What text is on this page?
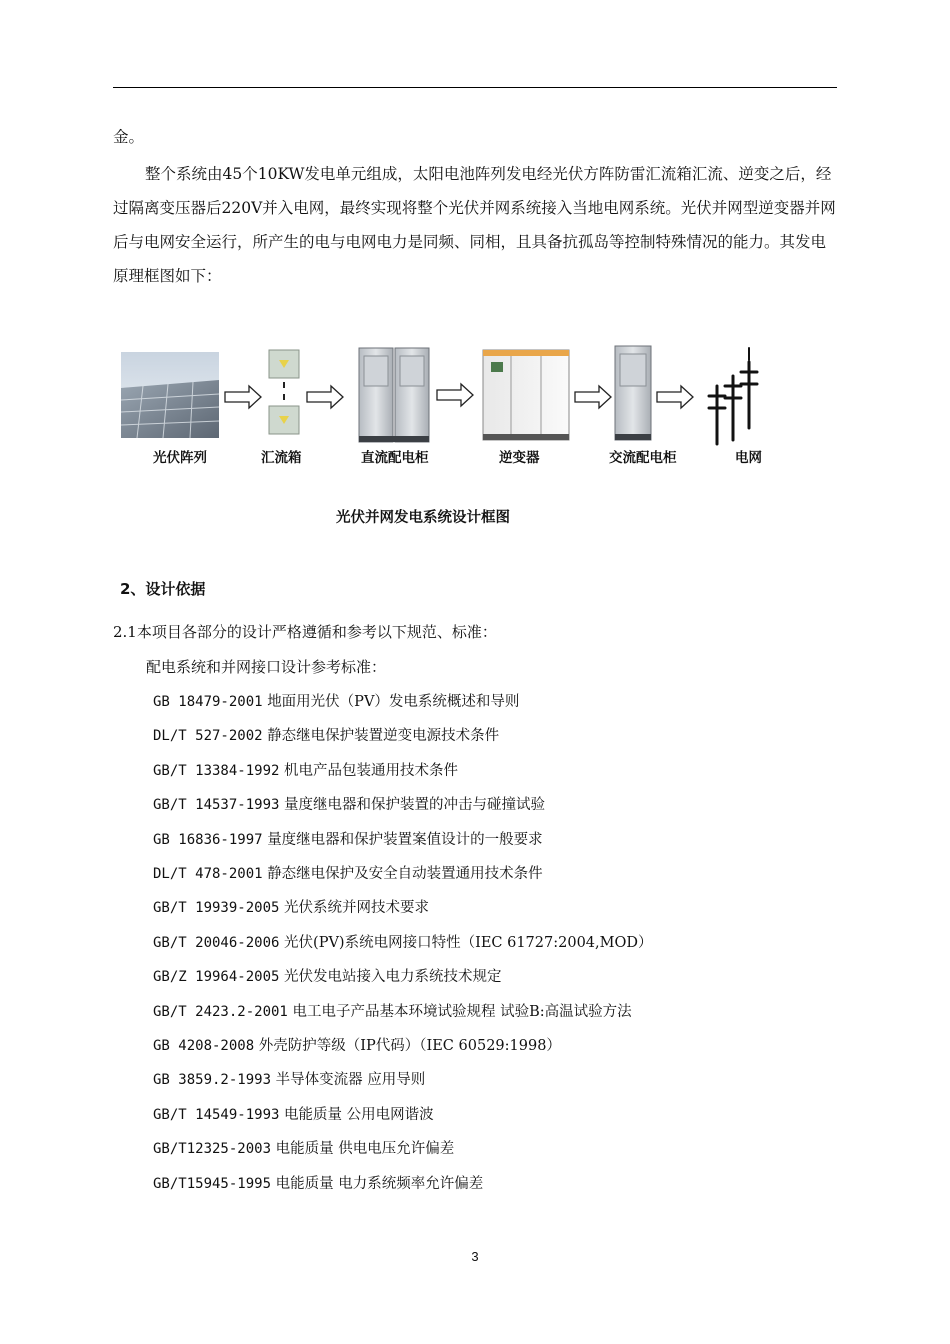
金。

整个系统由45个10KW发电单元组成，太阳电池阵列发电经光伏方阵防雷汇流箱汇流、逆变之后，经过隔离变压器后220V并入电网，最终实现将整个光伏并网系统接入当地电网系统。光伏并网型逆变器并网后与电网安全运行，所产生的电与电网电力是同频、同相，且具备抗孤岛等控制特殊情况的能力。其发电原理框图如下：

光伏阵列	汇流箱	直流配电柜	逆变器	交流配电柜	电网
光伏并网发电系统设计框图
2、设计依据
2.1本项目各部分的设计严格遵循和参考以下规范、标准：
配电系统和并网接口设计参考标准：
GB 18479-2001 地面用光伏（PV）发电系统概述和导则
DL/T 527-2002 静态继电保护装置逆变电源技术条件
GB/T 13384-1992 机电产品包装通用技术条件
GB/T 14537-1993 量度继电器和保护装置的冲击与碰撞试验
GB 16836-1997 量度继电器和保护装置案值设计的一般要求
DL/T 478-2001 静态继电保护及安全自动装置通用技术条件
GB/T 19939-2005 光伏系统并网技术要求
GB/T 20046-2006 光伏(PV)系统电网接口特性（IEC 61727:2004,MOD）
GB/Z 19964-2005 光伏发电站接入电力系统技术规定
GB/T 2423.2-2001 电工电子产品基本环境试验规程 试验B:高温试验方法
GB 4208-2008 外壳防护等级（IP代码）（IEC 60529:1998）
GB 3859.2-1993 半导体变流器 应用导则
GB/T 14549-1993 电能质量 公用电网谐波
GB/T12325-2003 电能质量 供电电压允许偏差
GB/T15945-1995 电能质量 电力系统频率允许偏差
3
